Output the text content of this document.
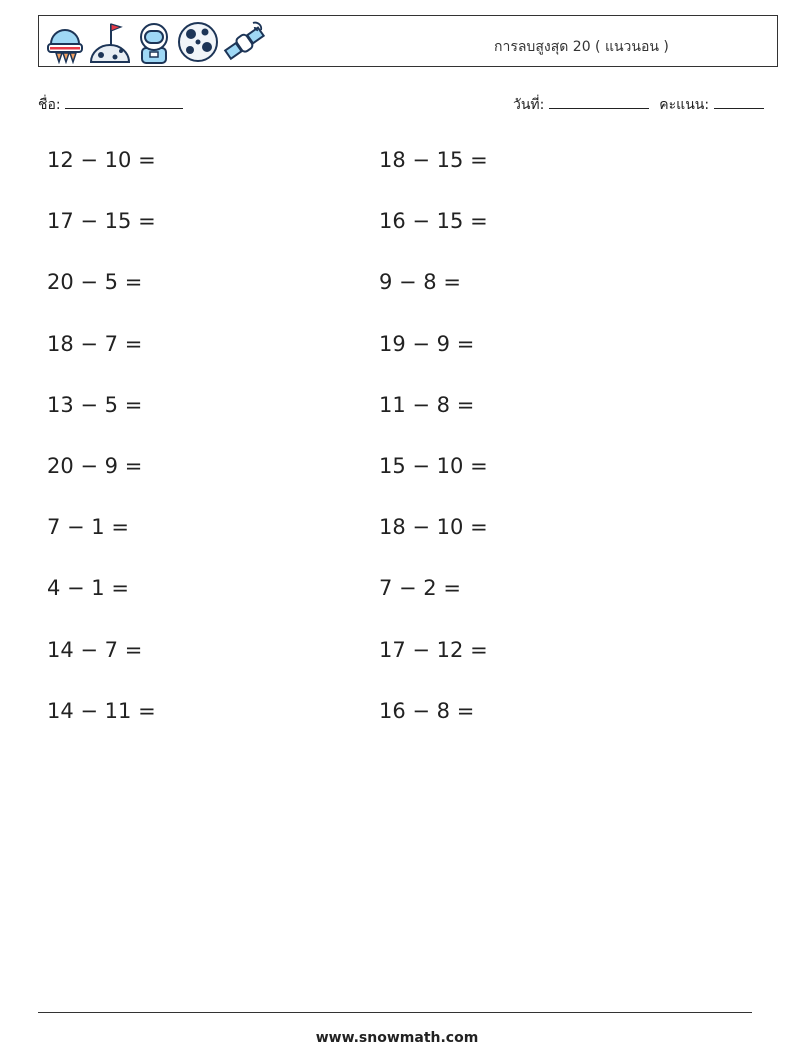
การลบสูงสุด 20 ( แนวนอน )
ชื่อ:	วันที่:	คะแนน:
12 − 10 =
17 − 15 =
20 − 5 =
18 − 7 =
13 − 5 =
20 − 9 =
7 − 1 =
4 − 1 =
14 − 7 =
14 − 11 =
18 − 15 =
16 − 15 =
9 − 8 =
19 − 9 =
11 − 8 =
15 − 10 =
18 − 10 =
7 − 2 =
17 − 12 =
16 − 8 =
www.snowmath.com
